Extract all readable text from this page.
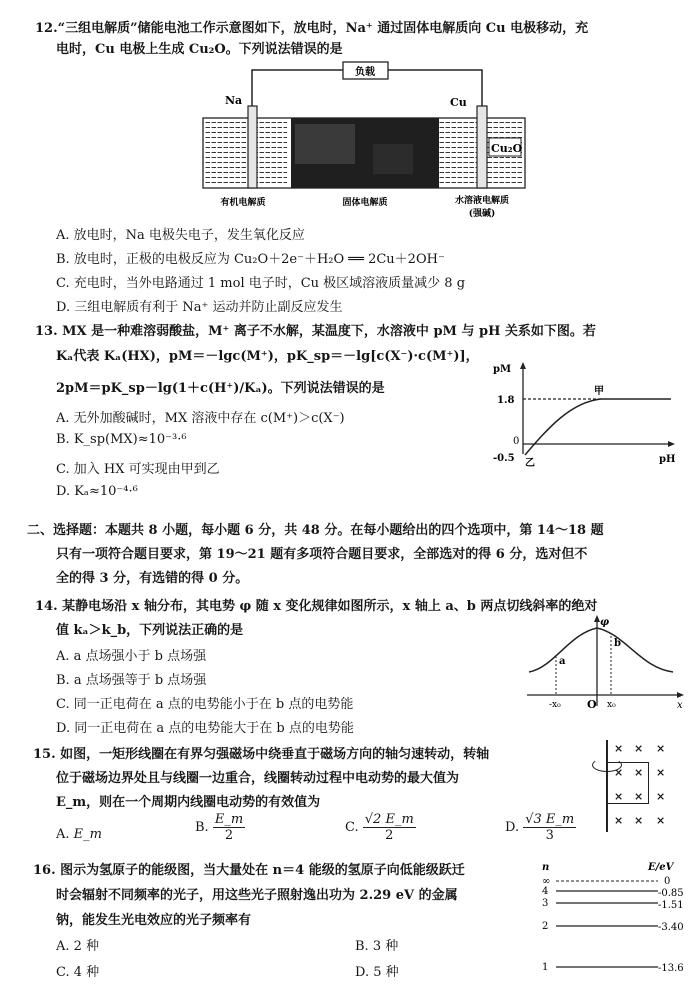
12.“三组电解质”储能电池工作示意图如下，放电时，Na⁺ 通过固体电解质向 Cu 电极移动，充
电时，Cu 电极上生成 Cu₂O。下列说法错误的是
负载
Na	Cu
Cu₂O
有机电解质	固体电解质	水溶液电解质
(强碱)
A. 放电时，Na 电极失电子，发生氧化反应
B. 放电时，正极的电极反应为 Cu₂O＋2e⁻＋H₂O ══ 2Cu＋2OH⁻
C. 充电时，当外电路通过 1 mol 电子时，Cu 极区域溶液质量减少 8 g
D. 三组电解质有利于 Na⁺ 运动并防止副反应发生
13. MX 是一种难溶弱酸盐，M⁺ 离子不水解，某温度下，水溶液中 pM 与 pH 关系如下图。若
Kₐ代表 Kₐ(HX)，pM＝－lgc(M⁺)，pK_sp＝－lg[c(X⁻)·c(M⁺)]，
2pM＝pK_sp－lg(1＋c(H⁺)/Kₐ)。下列说法错误的是
A. 无外加酸碱时，MX 溶液中存在 c(M⁺)＞c(X⁻)
B. K_sp(MX)≈10⁻³·⁶
C. 加入 HX 可实现由甲到乙
D. Kₐ≈10⁻⁴·⁶
pM
pH
1.8
0
-0.5 乙
甲
二、选择题：本题共 8 小题，每小题 6 分，共 48 分。在每小题给出的四个选项中，第 14～18 题
只有一项符合题目要求，第 19～21 题有多项符合题目要求，全部选对的得 6 分，选对但不
全的得 3 分，有选错的得 0 分。
14. 某静电场沿 x 轴分布，其电势 φ 随 x 变化规律如图所示，x 轴上 a、b 两点切线斜率的绝对
值 kₐ＞k_b，下列说法正确的是
A. a 点场强小于 b 点场强
B. a 点场强等于 b 点场强
C. 同一正电荷在 a 点的电势能小于在 b 点的电势能
D. 同一正电荷在 a 点的电势能大于在 b 点的电势能
φ
x
a
b
-x₀ O x₀
15. 如图，一矩形线圈在有界匀强磁场中绕垂直于磁场方向的轴匀速转动，转轴
位于磁场边界处且与线圈一边重合，线圈转动过程中电动势的最大值为
E_m，则在一个周期内线圈电动势的有效值为
A. E_m	B. $\frac{E\_m}{2}$	C. $\frac{√2 E\_m}{2}$	D. $\frac{√3 E\_m}{3}$
× × ×
× × ×
× × ×
× × ×
16. 图示为氢原子的能级图，当大量处在 n＝4 能级的氢原子向低能级跃迁
时会辐射不同频率的光子，用这些光子照射逸出功为 2.29 eV 的金属
钠，能发生光电效应的光子频率有
A. 2 种	B. 3 种
C. 4 种	D. 5 种
n	E/eV
∞	0
4	-0.85
3	-1.51
2	-3.40
1	-13.6
